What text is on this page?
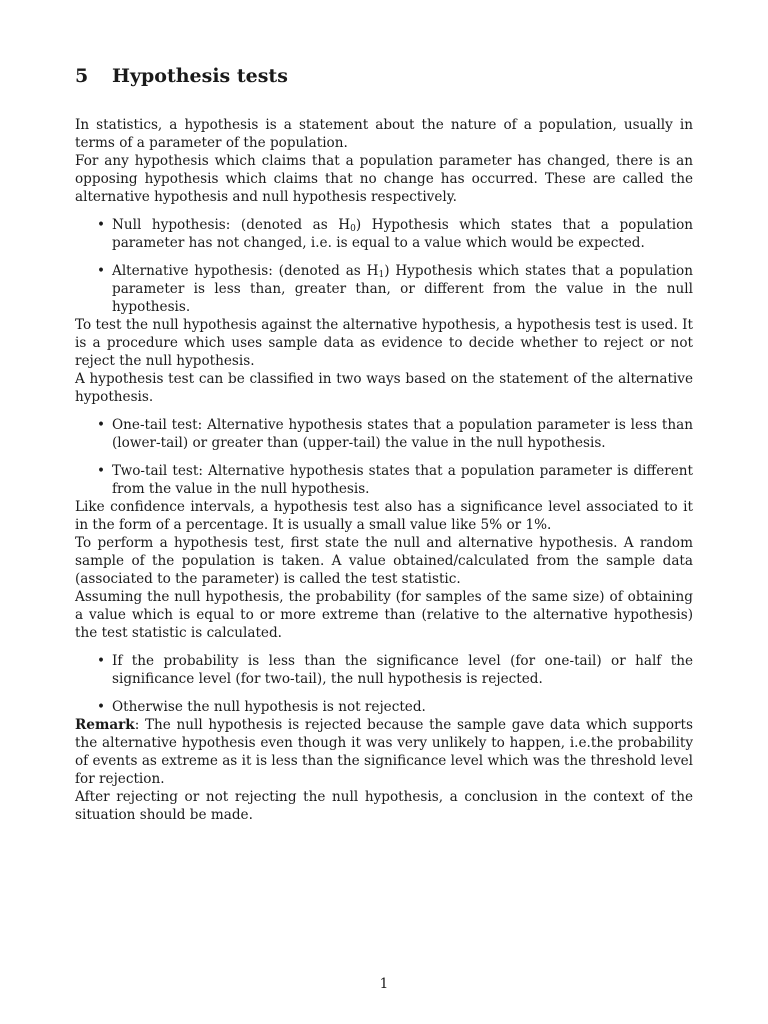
5 Hypothesis tests

In statistics, a hypothesis is a statement about the nature of a population, usually in terms of a parameter of the population.

For any hypothesis which claims that a population parameter has changed, there is an opposing hypothesis which claims that no change has occurred. These are called the alternative hypothesis and null hypothesis respectively.

• Null hypothesis: (denoted as $H_0$) Hypothesis which states that a population parameter has not changed, i.e. is equal to a value which would be expected.
• Alternative hypothesis: (denoted as $H_1$) Hypothesis which states that a population parameter is less than, greater than, or different from the value in the null hypothesis.

To test the null hypothesis against the alternative hypothesis, a hypothesis test is used. It is a procedure which uses sample data as evidence to decide whether to reject or not reject the null hypothesis.

A hypothesis test can be classified in two ways based on the statement of the alternative hypothesis.

• One-tail test: Alternative hypothesis states that a population parameter is less than (lower-tail) or greater than (upper-tail) the value in the null hypothesis.
• Two-tail test: Alternative hypothesis states that a population parameter is different from the value in the null hypothesis.

Like confidence intervals, a hypothesis test also has a significance level associated to it in the form of a percentage. It is usually a small value like 5% or 1%.

To perform a hypothesis test, first state the null and alternative hypothesis. A random sample of the population is taken. A value obtained/calculated from the sample data (associated to the parameter) is called the test statistic.

Assuming the null hypothesis, the probability (for samples of the same size) of obtaining a value which is equal to or more extreme than (relative to the alternative hypothesis) the test statistic is calculated.

• If the probability is less than the significance level (for one-tail) or half the significance level (for two-tail), the null hypothesis is rejected.
• Otherwise the null hypothesis is not rejected.

Remark: The null hypothesis is rejected because the sample gave data which supports the alternative hypothesis even though it was very unlikely to happen, i.e.the probability of events as extreme as it is less than the significance level which was the threshold level for rejection.

After rejecting or not rejecting the null hypothesis, a conclusion in the context of the situation should be made.

1
